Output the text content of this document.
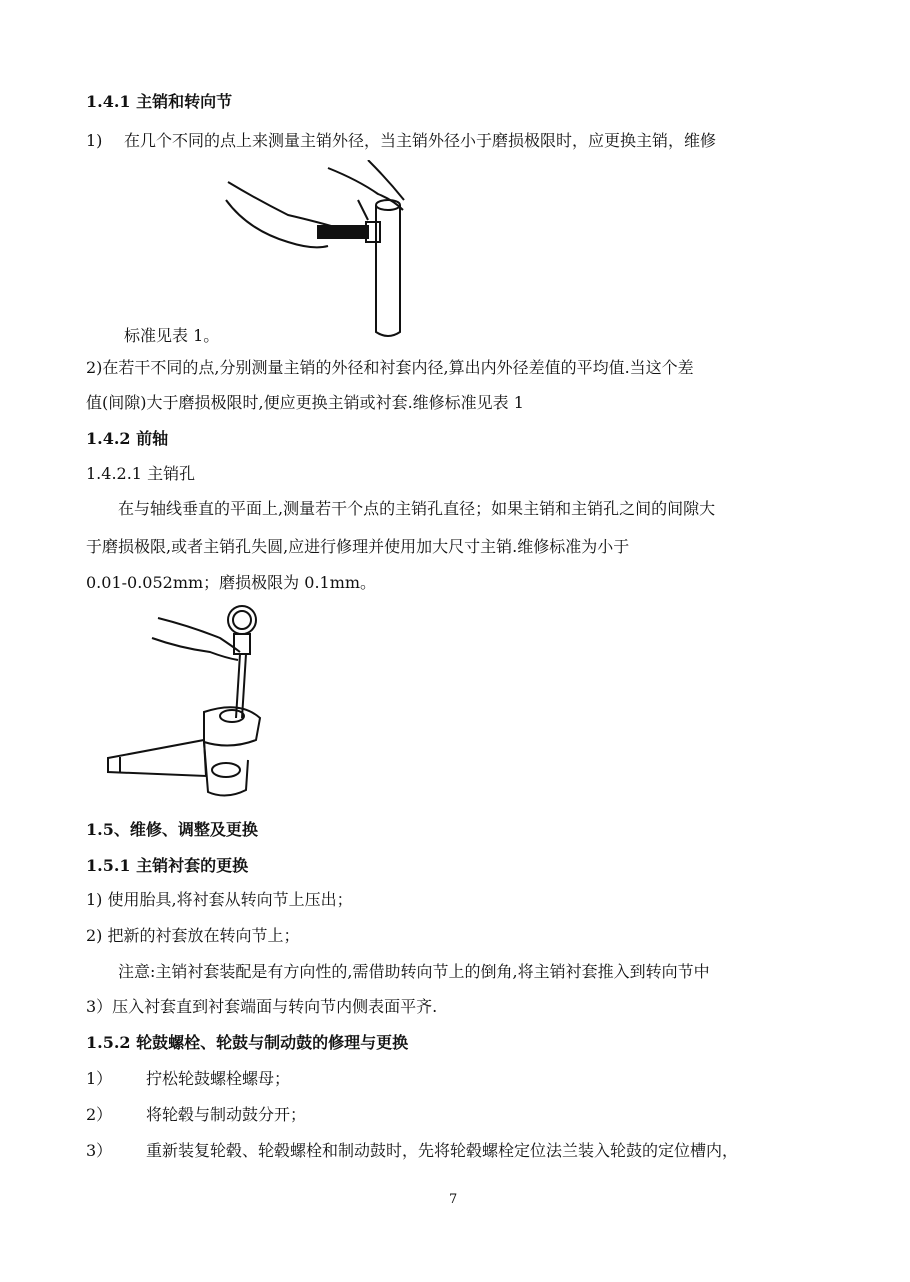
1.4.1 主销和转向节
1) 在几个不同的点上来测量主销外径，当主销外径小于磨损极限时，应更换主销，维修
标准见表 1。
2)在若干不同的点,分别测量主销的外径和衬套内径,算出内外径差值的平均值.当这个差
值(间隙)大于磨损极限时,便应更换主销或衬套.维修标准见表 1
1.4.2 前轴
1.4.2.1 主销孔
在与轴线垂直的平面上,测量若干个点的主销孔直径；如果主销和主销孔之间的间隙大
于磨损极限,或者主销孔失圆,应进行修理并使用加大尺寸主销.维修标准为小于
0.01-0.052mm；磨损极限为 0.1mm。
1.5、维修、调整及更换
1.5.1 主销衬套的更换
1) 使用胎具,将衬套从转向节上压出；
2) 把新的衬套放在转向节上；
注意:主销衬套装配是有方向性的,需借助转向节上的倒角,将主销衬套推入到转向节中
3）压入衬套直到衬套端面与转向节内侧表面平齐.
1.5.2 轮鼓螺栓、轮鼓与制动鼓的修理与更换
1） 拧松轮鼓螺栓螺母；
2） 将轮毂与制动鼓分开；
3） 重新装复轮毂、轮毂螺栓和制动鼓时，先将轮毂螺栓定位法兰装入轮鼓的定位槽内，
7
